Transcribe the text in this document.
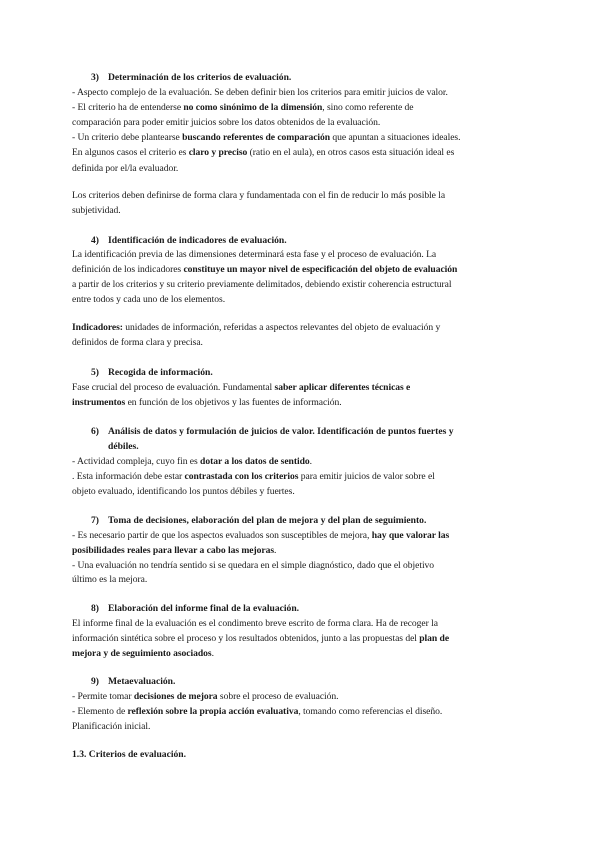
3) Determinación de los criterios de evaluación.
- Aspecto complejo de la evaluación. Se deben definir bien los criterios para emitir juicios de valor.
- El criterio ha de entenderse no como sinónimo de la dimensión, sino como referente de
comparación para poder emitir juicios sobre los datos obtenidos de la evaluación.
- Un criterio debe plantearse buscando referentes de comparación que apuntan a situaciones ideales.
En algunos casos el criterio es claro y preciso (ratio en el aula), en otros casos esta situación ideal es
definida por el/la evaluador.
Los criterios deben definirse de forma clara y fundamentada con el fin de reducir lo más posible la
subjetividad.
4) Identificación de indicadores de evaluación.
La identificación previa de las dimensiones determinará esta fase y el proceso de evaluación. La
definición de los indicadores constituye un mayor nivel de especificación del objeto de evaluación
a partir de los criterios y su criterio previamente delimitados, debiendo existir coherencia estructural
entre todos y cada uno de los elementos.
Indicadores: unidades de información, referidas a aspectos relevantes del objeto de evaluación y
definidos de forma clara y precisa.
5) Recogida de información.
Fase crucial del proceso de evaluación. Fundamental saber aplicar diferentes técnicas e
instrumentos en función de los objetivos y las fuentes de información.
6) Análisis de datos y formulación de juicios de valor. Identificación de puntos fuertes y
débiles.
- Actividad compleja, cuyo fin es dotar a los datos de sentido.
. Esta información debe estar contrastada con los criterios para emitir juicios de valor sobre el
objeto evaluado, identificando los puntos débiles y fuertes.
7) Toma de decisiones, elaboración del plan de mejora y del plan de seguimiento.
- Es necesario partir de que los aspectos evaluados son susceptibles de mejora, hay que valorar las
posibilidades reales para llevar a cabo las mejoras.
- Una evaluación no tendría sentido si se quedara en el simple diagnóstico, dado que el objetivo
último es la mejora.
8) Elaboración del informe final de la evaluación.
El informe final de la evaluación es el condimento breve escrito de forma clara. Ha de recoger la
información sintética sobre el proceso y los resultados obtenidos, junto a las propuestas del plan de
mejora y de seguimiento asociados.
9) Metaevaluación.
- Permite tomar decisiones de mejora sobre el proceso de evaluación.
- Elemento de reflexión sobre la propia acción evaluativa, tomando como referencias el diseño.
Planificación inicial.
1.3. Criterios de evaluación.
